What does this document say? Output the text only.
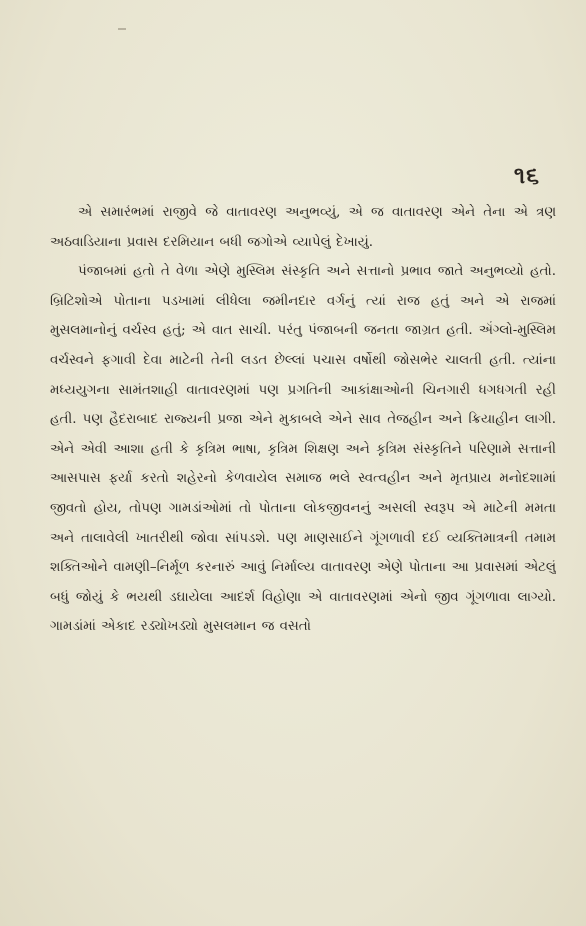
૧૬

એ સમારંભમાં રાજીવે જે વાતાવરણ અનુભવ્યું, એ જ વાતાવરણ એને તેના એ ત્રણ અઠવાડિયાના પ્રવાસ દરમિયાન બધી જગોએ વ્યાપેલું દેખાયું.

પંજાબમાં હતો તે વેળા એણે મુસ્લિમ સંસ્કૃતિ અને સત્તાનો પ્રભાવ જાતે અનુભવ્યો હતો. બ્રિટિશોએ પોતાના પડખામાં લીધેલા જમીનદાર વર્ગનું ત્યાં રાજ હતું અને એ રાજમાં મુસલમાનોનું વર્ચસ્વ હતું; એ વાત સાચી. પરંતુ પંજાબની જનતા જાગ્રત હતી. ઍંગ્લો-મુસ્લિમ વર્ચસ્વને ફગાવી દેવા માટેની તેની લડત છેલ્લાં પચાસ વર્ષોથી જોસભેર ચાલતી હતી. ત્યાંના મધ્યયુગના સામંતશાહી વાતાવરણમાં પણ પ્રગતિની આકાંક્ષાઓની ચિનગારી ધગધગતી રહી હતી. પણ હૈદરાબાદ રાજ્યની પ્રજા એને મુકાબલે એને સાવ તેજહીન અને ક્રિયાહીન લાગી. એને એવી આશા હતી કે કૃત્રિમ ભાષા, કૃત્રિમ શિક્ષણ અને કૃત્રિમ સંસ્કૃતિને પરિણામે સત્તાની આસપાસ ફર્યા કરતો શહેરનો કેળવાયેલ સમાજ ભલે સ્વત્વહીન અને મૃતપ્રાય મનોદશામાં જીવતો હોય, તોપણ ગામડાંઓમાં તો પોતાના લોકજીવનનું અસલી સ્વરૂપ એ માટેની મમતા અને તાલાવેલી ખાતરીથી જોવા સાંપડશે. પણ માણસાઈને ગૂંગળાવી દઈ વ્યક્તિમાત્રની તમામ શક્તિઓને વામણી–નિર્મૂળ કરનારું આવું નિર્માલ્ય વાતાવરણ એણે પોતાના આ પ્રવાસમાં એટલું બધું જોયું કે ભયથી ડઘાયેલા આદર્શ વિહોણા એ વાતાવરણમાં એનો જીવ ગૂંગળાવા લાગ્યો. ગામડાંમાં એકાદ રડ્યોખડ્યો મુસલમાન જ વસતો
